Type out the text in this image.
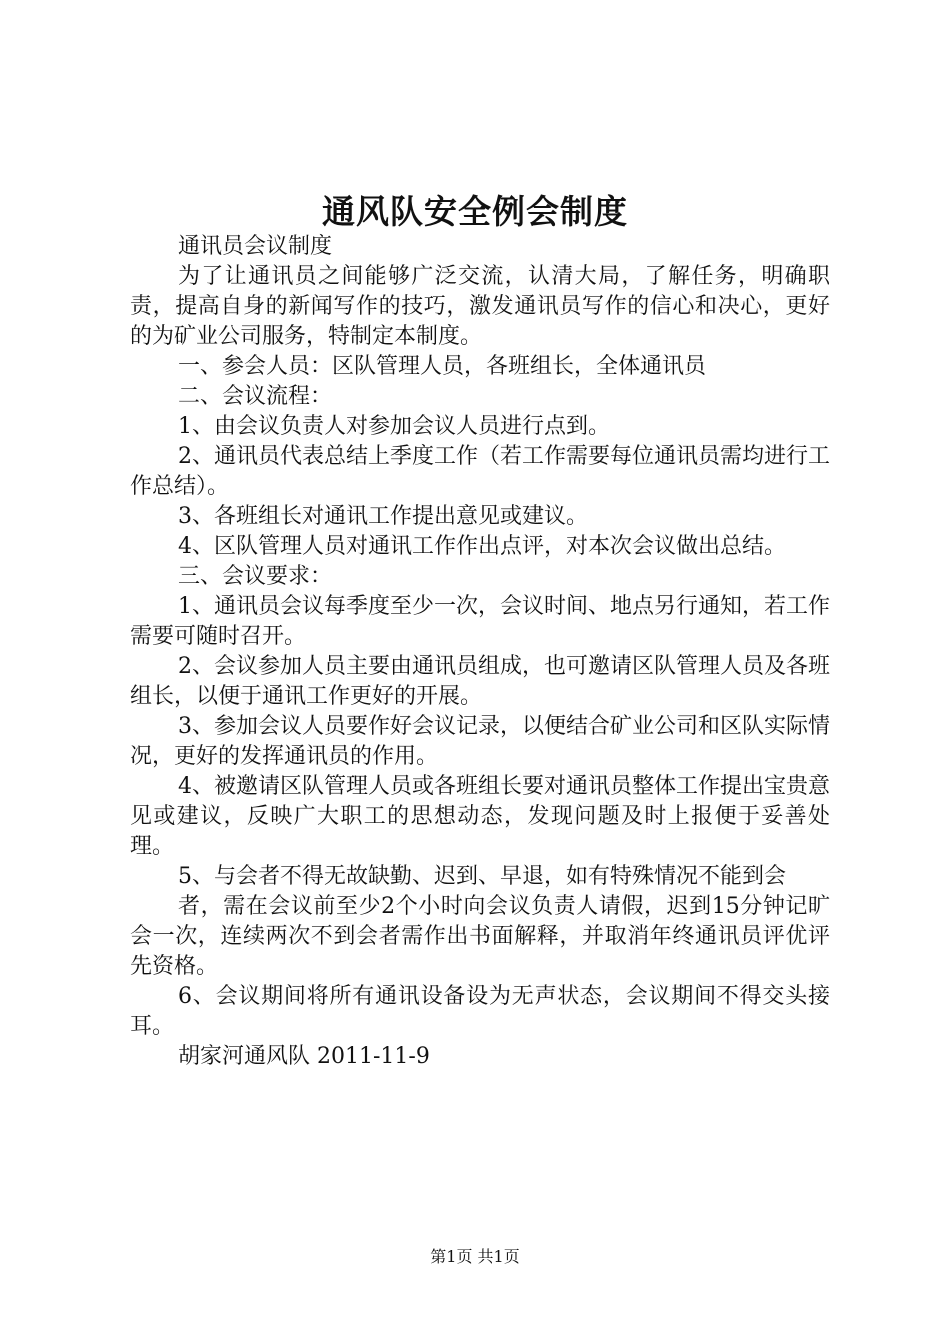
通风队安全例会制度

通讯员会议制度

为了让通讯员之间能够广泛交流，认清大局，了解任务，明确职责，提高自身的新闻写作的技巧，激发通讯员写作的信心和决心，更好的为矿业公司服务，特制定本制度。

一、参会人员：区队管理人员，各班组长，全体通讯员

二、会议流程：

1、由会议负责人对参加会议人员进行点到。

2、通讯员代表总结上季度工作（若工作需要每位通讯员需均进行工作总结）。

3、各班组长对通讯工作提出意见或建议。

4、区队管理人员对通讯工作作出点评，对本次会议做出总结。

三、会议要求：

1、通讯员会议每季度至少一次，会议时间、地点另行通知，若工作需要可随时召开。

2、会议参加人员主要由通讯员组成，也可邀请区队管理人员及各班组长，以便于通讯工作更好的开展。

3、参加会议人员要作好会议记录，以便结合矿业公司和区队实际情况，更好的发挥通讯员的作用。

4、被邀请区队管理人员或各班组长要对通讯员整体工作提出宝贵意见或建议，反映广大职工的思想动态，发现问题及时上报便于妥善处理。

5、与会者不得无故缺勤、迟到、早退，如有特殊情况不能到会

者，需在会议前至少2个小时向会议负责人请假，迟到15分钟记旷会一次，连续两次不到会者需作出书面解释，并取消年终通讯员评优评先资格。

6、会议期间将所有通讯设备设为无声状态，会议期间不得交头接耳。

胡家河通风队 2011-11-9

第1页 共1页
